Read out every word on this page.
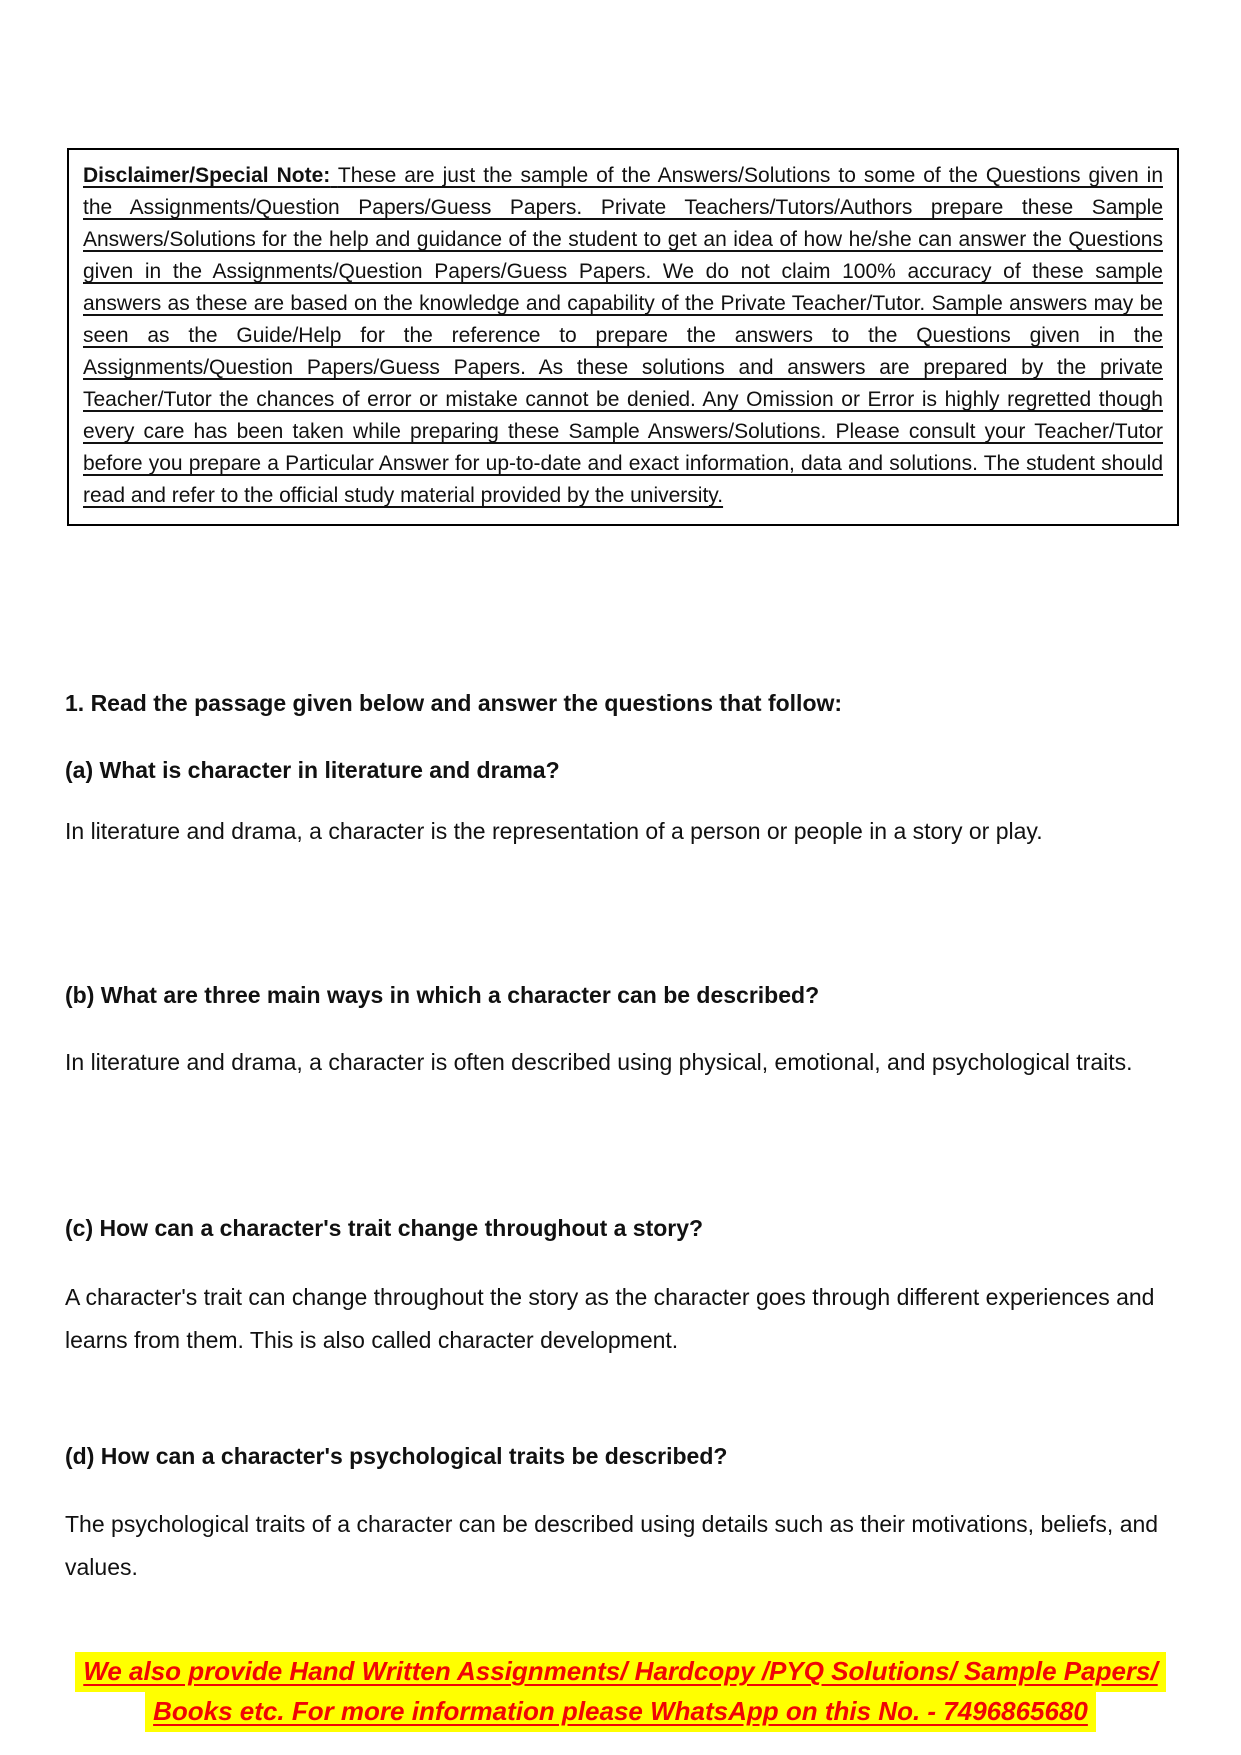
Disclaimer/Special Note: These are just the sample of the Answers/Solutions to some of the Questions given in the Assignments/Question Papers/Guess Papers. Private Teachers/Tutors/Authors prepare these Sample Answers/Solutions for the help and guidance of the student to get an idea of how he/she can answer the Questions given in the Assignments/Question Papers/Guess Papers. We do not claim 100% accuracy of these sample answers as these are based on the knowledge and capability of the Private Teacher/Tutor. Sample answers may be seen as the Guide/Help for the reference to prepare the answers to the Questions given in the Assignments/Question Papers/Guess Papers. As these solutions and answers are prepared by the private Teacher/Tutor the chances of error or mistake cannot be denied. Any Omission or Error is highly regretted though every care has been taken while preparing these Sample Answers/Solutions. Please consult your Teacher/Tutor before you prepare a Particular Answer for up-to-date and exact information, data and solutions. The student should read and refer to the official study material provided by the university.

1. Read the passage given below and answer the questions that follow:
(a) What is character in literature and drama?
In literature and drama, a character is the representation of a person or people in a story or play.
(b) What are three main ways in which a character can be described?
In literature and drama, a character is often described using physical, emotional, and psychological traits.
(c) How can a character's trait change throughout a story?
A character's trait can change throughout the story as the character goes through different experiences and learns from them. This is also called character development.
(d) How can a character's psychological traits be described?
The psychological traits of a character can be described using details such as their motivations, beliefs, and values.
We also provide Hand Written Assignments/ Hardcopy /PYQ Solutions/ Sample Papers/
Books etc. For more information please WhatsApp on this No. - 7496865680
